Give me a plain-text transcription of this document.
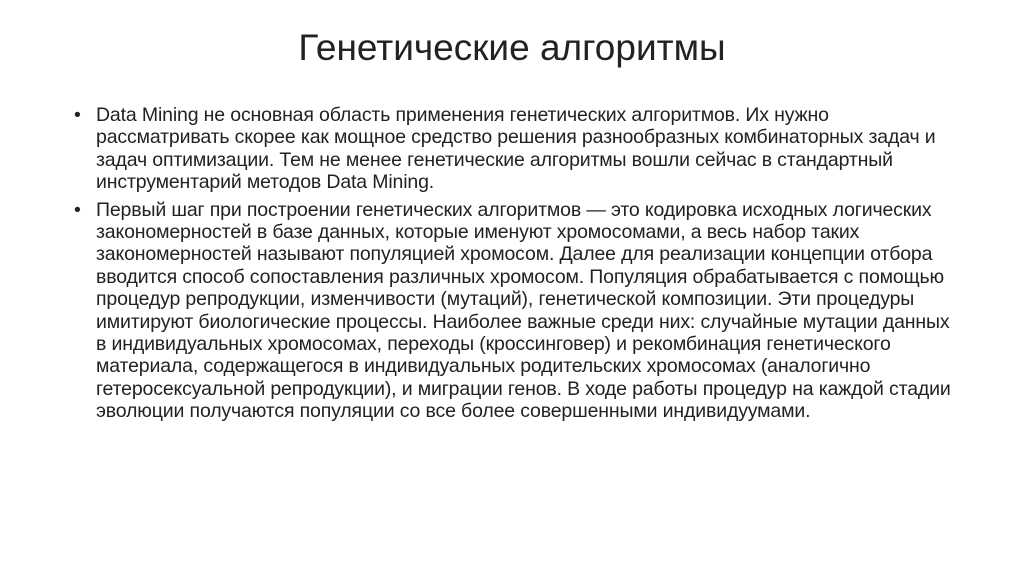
Генетические алгоритмы
• Data Mining не основная область применения генетических алгоритмов. Их нужно рассматривать скорее как мощное средство решения разнообразных комбинаторных задач и задач оптимизации. Тем не менее генетические алгоритмы вошли сейчас в стандартный инструментарий методов Data Mining.
• Первый шаг при построении генетических алгоритмов — это кодировка исходных логических закономерностей в базе данных, которые именуют хромосомами, а весь набор таких закономерностей называют популяцией хромосом. Далее для реализации концепции отбора вводится способ сопоставления различных хромосом. Популяция обрабатывается с помощью процедур репродукции, изменчивости (мутаций), генетической композиции. Эти процедуры имитируют биологические процессы. Наиболее важные среди них: случайные мутации данных в индивидуальных хромосомах, переходы (кроссинговер) и рекомбинация генетического материала, содержащегося в индивидуальных родительских хромосомах (аналогично гетеросексуальной репродукции), и миграции генов. В ходе работы процедур на каждой стадии эволюции получаются популяции со все более совершенными индивидуумами.
